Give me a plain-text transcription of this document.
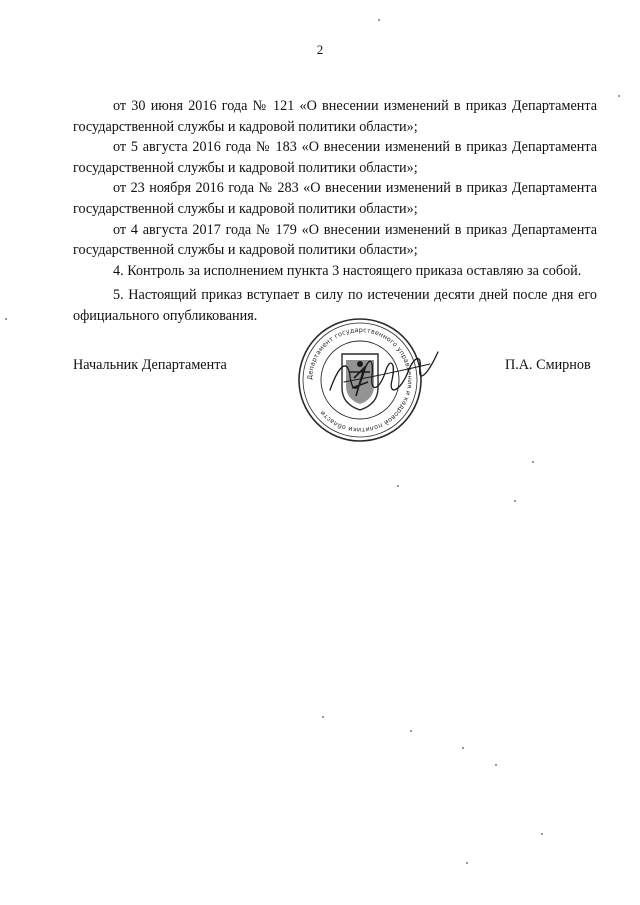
2

от 30 июня 2016 года № 121 «О внесении изменений в приказ Департамента государственной службы и кадровой политики области»;

от 5 августа 2016 года № 183 «О внесении изменений в приказ Департамента государственной службы и кадровой политики области»;

от 23 ноября 2016 года № 283 «О внесении изменений в приказ Департамента государственной службы и кадровой политики области»;

от 4 августа 2017 года № 179 «О внесении изменений в приказ Департамента государственной службы и кадровой политики области»;

4. Контроль за исполнением пункта 3 настоящего приказа оставляю за собой.

5. Настоящий приказ вступает в силу по истечении десяти дней после дня его официального опубликования.

Начальник Департамента	П.А. Смирнов
Департамент государственного управления и кадровой политики области
